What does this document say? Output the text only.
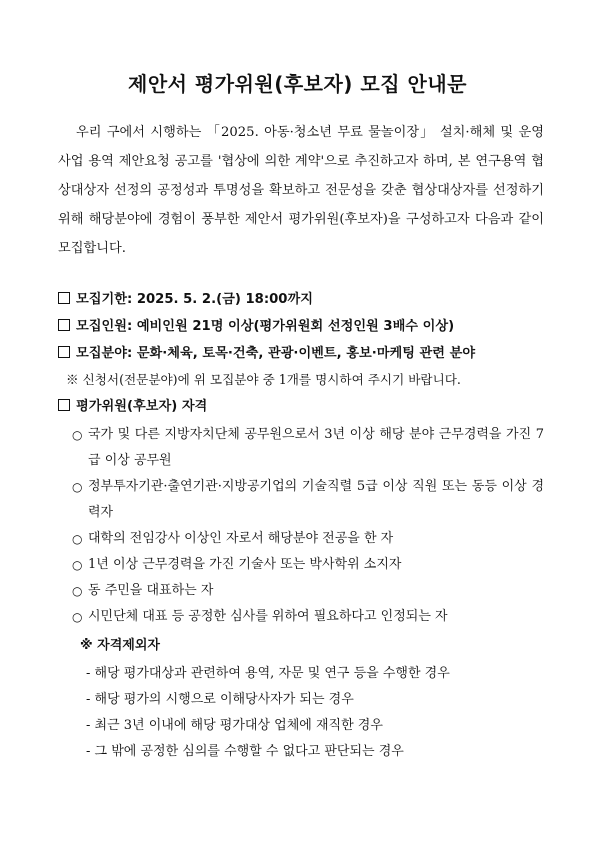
제안서 평가위원(후보자) 모집 안내문
우리 구에서 시행하는 「2025. 아동·청소년 무료 물놀이장」 설치·해체 및 운영 사업 용역 제안요청 공고를 '협상에 의한 계약'으로 추진하고자 하며, 본 연구용역 협상대상자 선정의 공정성과 투명성을 확보하고 전문성을 갖춘 협상대상자를 선정하기 위해 해당분야에 경험이 풍부한 제안서 평가위원(후보자)을 구성하고자 다음과 같이 모집합니다.
모집기한: 2025. 5. 2.(금) 18:00까지
모집인원: 예비인원 21명 이상(평가위원회 선정인원 3배수 이상)
모집분야: 문화·체육, 토목·건축, 관광·이벤트, 홍보·마케팅 관련 분야
※ 신청서(전문분야)에 위 모집분야 중 1개를 명시하여 주시기 바랍니다.
평가위원(후보자) 자격
○ 국가 및 다른 지방자치단체 공무원으로서 3년 이상 해당 분야 근무경력을 가진 7급 이상 공무원
○ 정부투자기관·출연기관·지방공기업의 기술직렬 5급 이상 직원 또는 동등 이상 경력자
○ 대학의 전임강사 이상인 자로서 해당분야 전공을 한 자
○ 1년 이상 근무경력을 가진 기술사 또는 박사학위 소지자
○ 동 주민을 대표하는 자
○ 시민단체 대표 등 공정한 심사를 위하여 필요하다고 인정되는 자
※ 자격제외자
- 해당 평가대상과 관련하여 용역, 자문 및 연구 등을 수행한 경우
- 해당 평가의 시행으로 이해당사자가 되는 경우
- 최근 3년 이내에 해당 평가대상 업체에 재직한 경우
- 그 밖에 공정한 심의를 수행할 수 없다고 판단되는 경우
